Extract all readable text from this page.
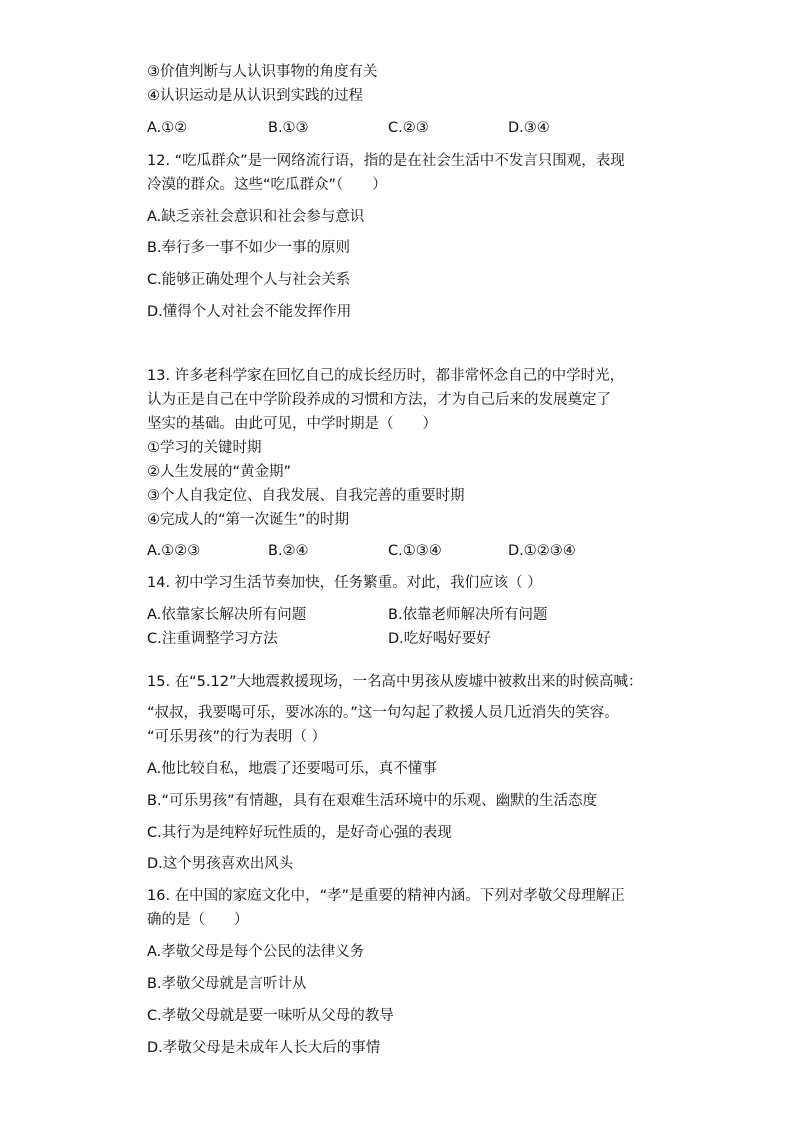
③价值判断与人认识事物的角度有关
④认识运动是从认识到实践的过程
A.①②	B.①③	C.②③	D.③④
12. “吃瓜群众”是一网络流行语，指的是在社会生活中不发言只围观，表现
冷漠的群众。这些“吃瓜群众”（　　）
A.缺乏亲社会意识和社会参与意识
B.奉行多一事不如少一事的原则
C.能够正确处理个人与社会关系
D.懂得个人对社会不能发挥作用
13. 许多老科学家在回忆自己的成长经历时，都非常怀念自己的中学时光，
认为正是自己在中学阶段养成的习惯和方法，才为自己后来的发展奠定了
坚实的基础。由此可见，中学时期是（　　）
①学习的关键时期
②人生发展的“黄金期”
③个人自我定位、自我发展、自我完善的重要时期
④完成人的“第一次诞生”的时期
A.①②③	B.②④	C.①③④	D.①②③④
14. 初中学习生活节奏加快，任务繁重。对此，我们应该（ ）
A.依靠家长解决所有问题	B.依靠老师解决所有问题
C.注重调整学习方法	D.吃好喝好要好
15. 在“5.12”大地震救援现场，一名高中男孩从废墟中被救出来的时候高喊：
“叔叔，我要喝可乐，要冰冻的。”这一句勾起了救援人员几近消失的笑容。
“可乐男孩”的行为表明（ ）
A.他比较自私，地震了还要喝可乐，真不懂事
B.“可乐男孩”有情趣，具有在艰难生活环境中的乐观、幽默的生活态度
C.其行为是纯粹好玩性质的，是好奇心强的表现
D.这个男孩喜欢出风头
16. 在中国的家庭文化中，“孝”是重要的精神内涵。下列对孝敬父母理解正
确的是（　　）
A.孝敬父母是每个公民的法律义务
B.孝敬父母就是言听计从
C.孝敬父母就是要一味听从父母的教导
D.孝敬父母是未成年人长大后的事情
